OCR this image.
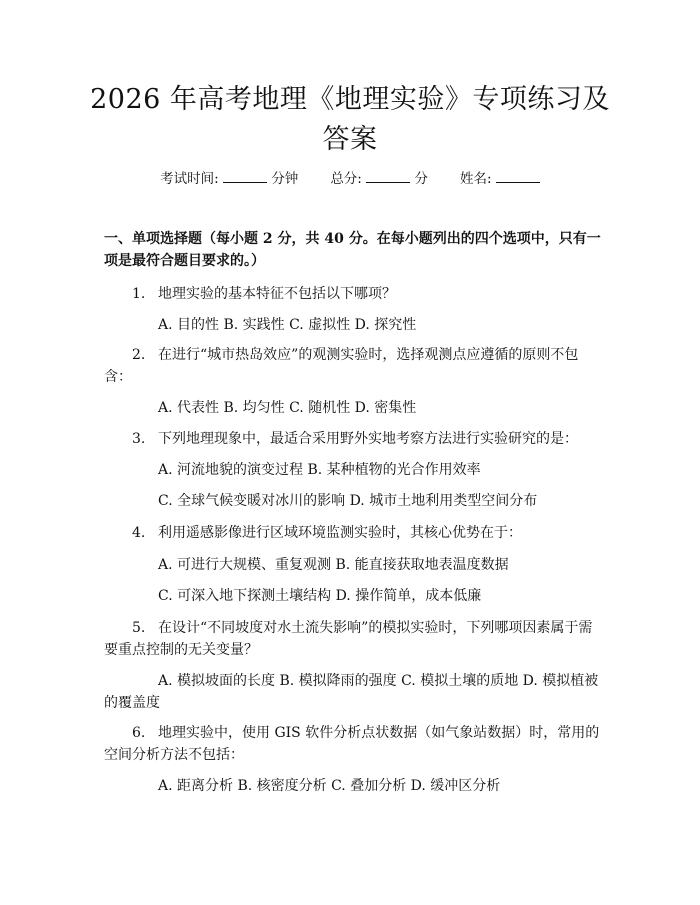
2026 年高考地理《地理实验》专项练习及答案
考试时间:	分钟 总分:	分 姓名:
一、单项选择题（每小题 2 分，共 40 分。在每小题列出的四个选项中，只有一项是最符合题目要求的。）
1. 地理实验的基本特征不包括以下哪项？
A. 目的性 B. 实践性 C. 虚拟性 D. 探究性
2. 在进行“城市热岛效应”的观测实验时，选择观测点应遵循的原则不包含：
A. 代表性 B. 均匀性 C. 随机性 D. 密集性
3. 下列地理现象中，最适合采用野外实地考察方法进行实验研究的是：
A. 河流地貌的演变过程 B. 某种植物的光合作用效率
C. 全球气候变暖对冰川的影响 D. 城市土地利用类型空间分布
4. 利用遥感影像进行区域环境监测实验时，其核心优势在于：
A. 可进行大规模、重复观测 B. 能直接获取地表温度数据
C. 可深入地下探测土壤结构 D. 操作简单，成本低廉
5. 在设计“不同坡度对水土流失影响”的模拟实验时，下列哪项因素属于需要重点控制的无关变量？
A. 模拟坡面的长度 B. 模拟降雨的强度 C. 模拟土壤的质地 D. 模拟植被的覆盖度
6. 地理实验中，使用 GIS 软件分析点状数据（如气象站数据）时，常用的空间分析方法不包括：
A. 距离分析 B. 核密度分析 C. 叠加分析 D. 缓冲区分析
